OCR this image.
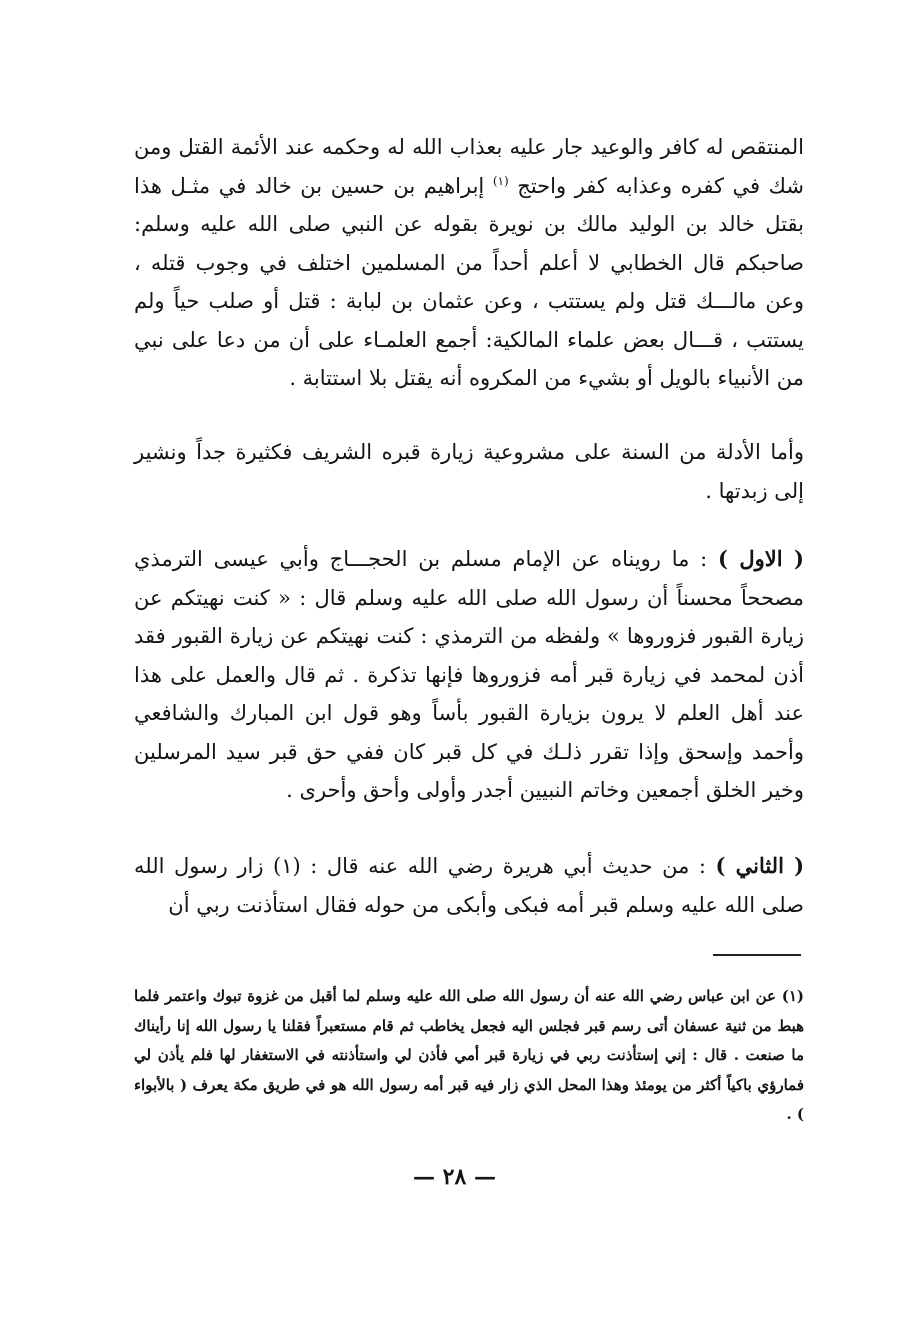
المنتقص له كافر والوعيد جار عليه بعذاب الله له وحكمه عند الأئمة القتل ومن شك في كفره وعذابه كفر واحتج $^{(١)}$ إبراهيم بن حسين بن خالد في مثـل هذا بقتل خالد بن الوليد مالك بن نويرة بقوله عن النبي صلى الله عليه وسلم: صاحبكم قال الخطابي لا أعلم أحداً من المسلمين اختلف في وجوب قتله ، وعن مالـــك قتل ولم يستتب ، وعن عثمان بن لبابة : قتل أو صلب حياً ولم يستتب ، قـــال بعض علماء المالكية: أجمع العلمـاء على أن من دعا على نبي من الأنبياء بالويل أو بشيء من المكروه أنه يقتل بلا استتابة .

وأما الأدلة من السنة على مشروعية زيارة قبره الشريف فكثيرة جداً ونشير إلى زبدتها .

( الاول ) : ما رويناه عن الإمام مسلم بن الحجـــاج وأبي عيسى الترمذي مصححاً محسناً أن رسول الله صلى الله عليه وسلم قال : « كنت نهيتكم عن زيارة القبور فزوروها » ولفظه من الترمذي : كنت نهيتكم عن زيارة القبور فقد أذن لمحمد في زيارة قبر أمه فزوروها فإنها تذكرة . ثم قال والعمل على هذا عند أهل العلم لا يرون بزيارة القبور بأساً وهو قول ابن المبارك والشافعي وأحمد وإسحق وإذا تقرر ذلـك في كل قبر كان ففي حق قبر سيد المرسلين وخير الخلق أجمعين وخاتم النبيين أجدر وأولى وأحق وأحرى .

( الثاني ) : من حديث أبي هريرة رضي الله عنه قال : (١) زار رسول الله صلى الله عليه وسلم قبر أمه فبكى وأبكى من حوله فقال استأذنت ربي أن

(١) عن ابن عباس رضي الله عنه أن رسول الله صلى الله عليه وسلم لما أقبل من غزوة تبوك واعتمر فلما هبط من ثنية عسفان أتى رسم قبر فجلس اليه فجعل يخاطب ثم قام مستعبراً فقلنا يا رسول الله إنا رأيناك ما صنعت . قال : إني إستأذنت ربي في زيارة قبر أمي فأذن لي واستأذنته في الاستغفار لها فلم يأذن لي فمارؤي باكياً أكثر من يومئذ وهذا المحل الذي زار فيه قبر أمه رسول الله هو في طريق مكة يعرف ( بالأبواء ) .

— ٢٨ —
